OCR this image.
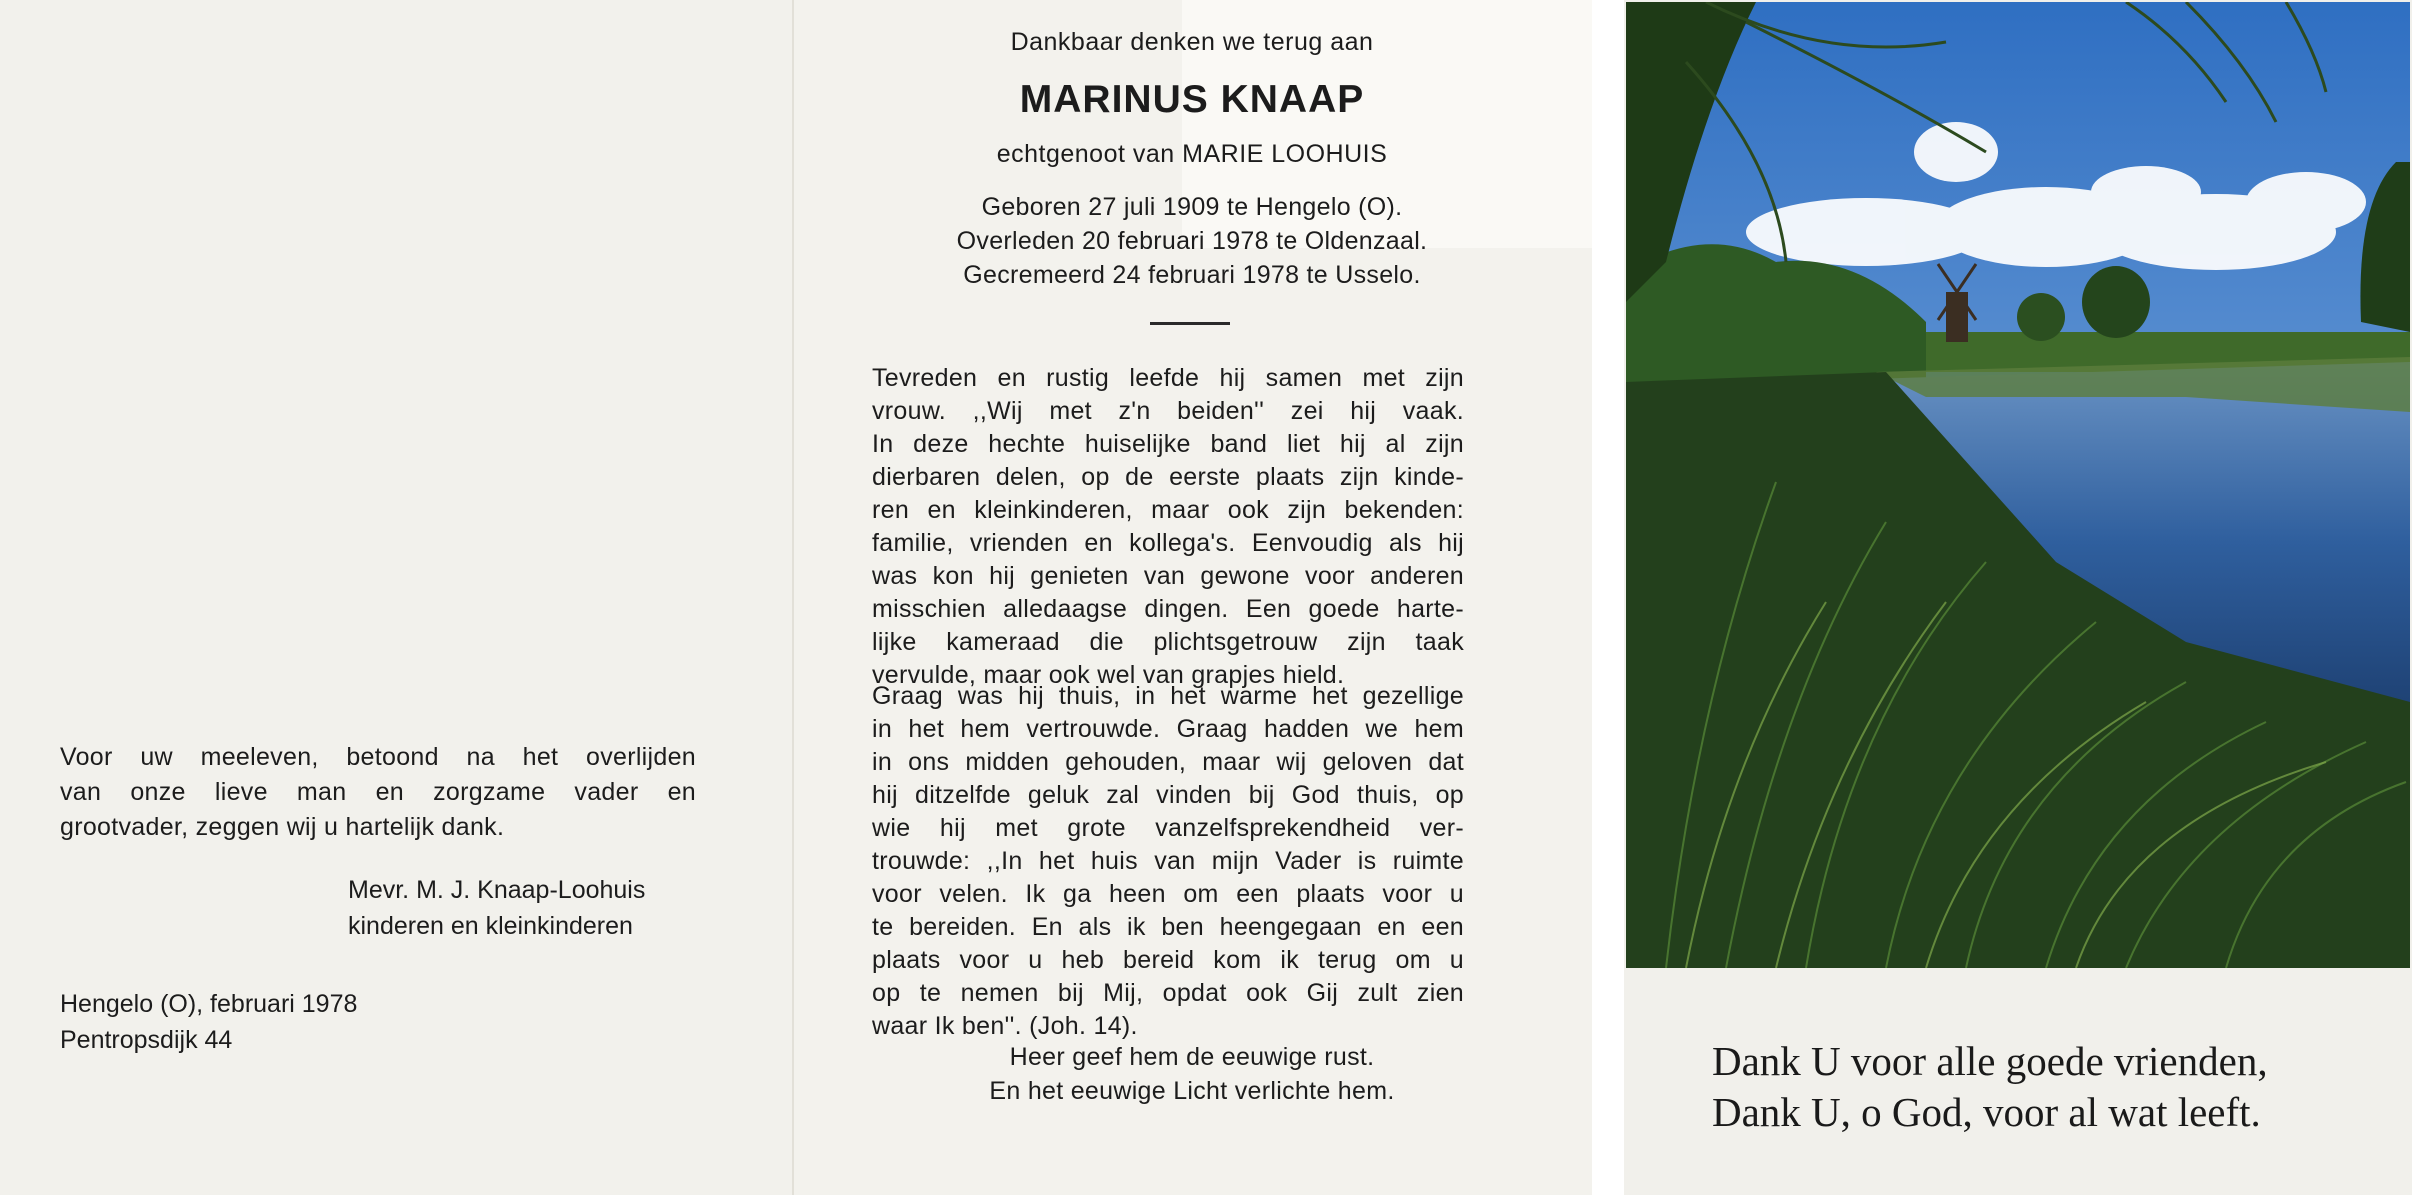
Voor uw meeleven, betoond na het overlijden
van onze lieve man en zorgzame vader en
grootvader, zeggen wij u hartelijk dank.
Mevr. M. J. Knaap-Loohuis
kinderen en kleinkinderen
Hengelo (O), februari 1978
Pentropsdijk 44
Dankbaar denken we terug aan
MARINUS KNAAP
echtgenoot van MARIE LOOHUIS
Geboren 27 juli 1909 te Hengelo (O).
Overleden 20 februari 1978 te Oldenzaal.
Gecremeerd 24 februari 1978 te Usselo.
Tevreden en rustig leefde hij samen met zijn
vrouw. ,,Wij met z'n beiden'' zei hij vaak.
In deze hechte huiselijke band liet hij al zijn
dierbaren delen, op de eerste plaats zijn kinde-
ren en kleinkinderen, maar ook zijn bekenden:
familie, vrienden en kollega's. Eenvoudig als hij
was kon hij genieten van gewone voor anderen
misschien alledaagse dingen. Een goede harte-
lijke kameraad die plichtsgetrouw zijn taak
vervulde, maar ook wel van grapjes hield.
Graag was hij thuis, in het warme het gezellige
in het hem vertrouwde. Graag hadden we hem
in ons midden gehouden, maar wij geloven dat
hij ditzelfde geluk zal vinden bij God thuis, op
wie hij met grote vanzelfsprekendheid ver-
trouwde: ,,In het huis van mijn Vader is ruimte
voor velen. Ik ga heen om een plaats voor u
te bereiden. En als ik ben heengegaan en een
plaats voor u heb bereid kom ik terug om u
op te nemen bij Mij, opdat ook Gij zult zien
waar Ik ben''. (Joh. 14).
Heer geef hem de eeuwige rust.
En het eeuwige Licht verlichte hem.
Dank U voor alle goede vrienden,
Dank U, o God, voor al wat leeft.
